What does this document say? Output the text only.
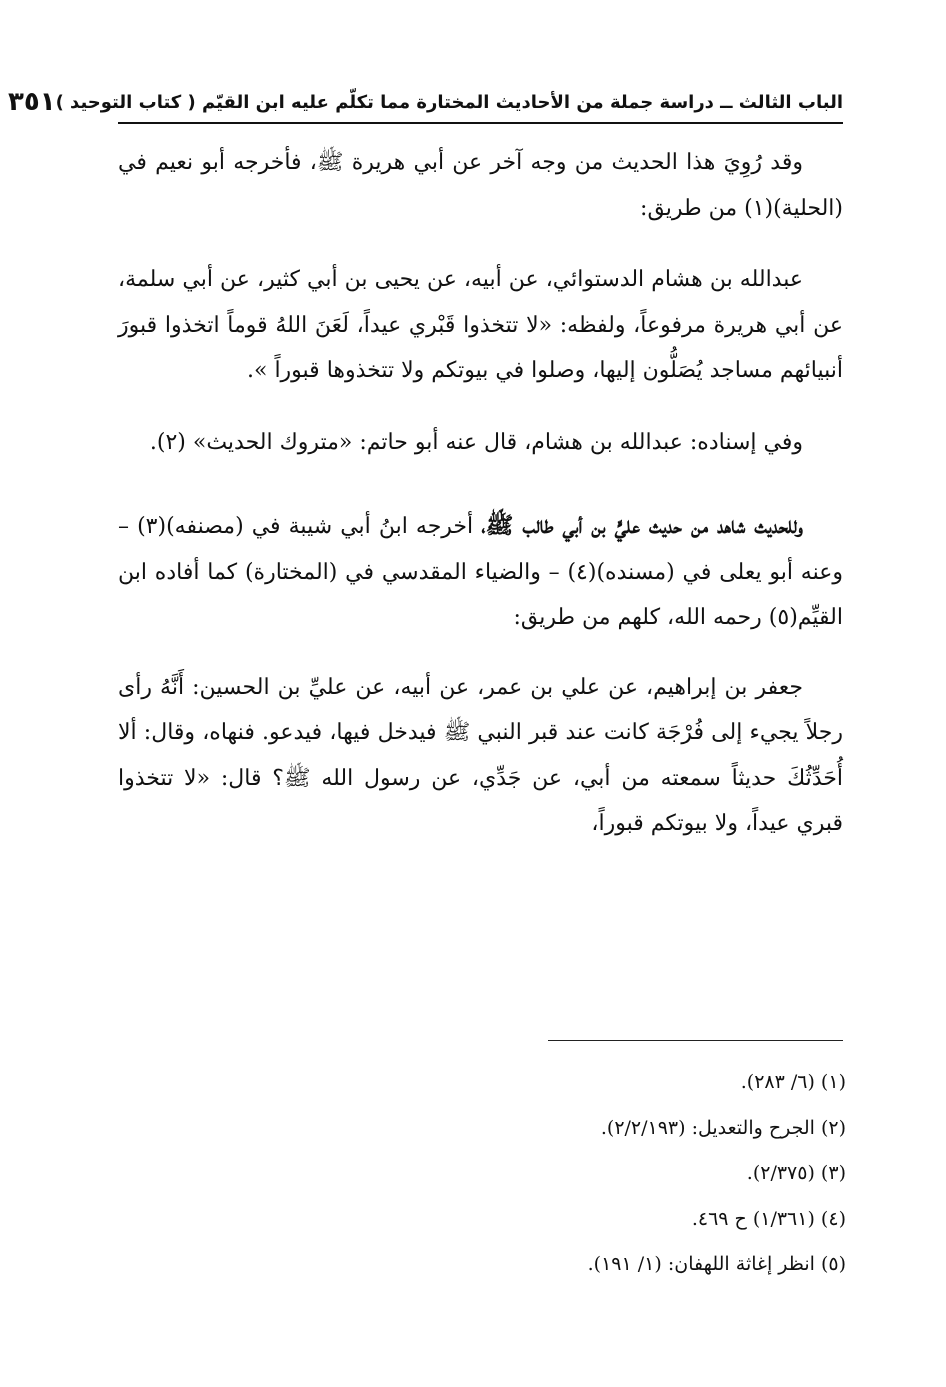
الباب الثالث ــ دراسة جملة من الأحاديث المختارة مما تكلّم عليه ابن القيّم ( كتاب التوحيد )
٣٥١

وقد رُوِيَ هذا الحديث من وجه آخر عن أبي هريرة ﷺ، فأخرجه أبو نعيم في (الحلية)(١) من طريق:

عبدالله بن هشام الدستوائي، عن أبيه، عن يحيى بن أبي كثير، عن أبي سلمة، عن أبي هريرة مرفوعاً، ولفظه: «لا تتخذوا قَبْري عيداً، لَعَنَ اللهُ قوماً اتخذوا قبورَ أنبيائهم مساجد يُصَلُّون إليها، وصلوا في بيوتكم ولا تتخذوها قبوراً ».

وفي إسناده: عبدالله بن هشام، قال عنه أبو حاتم: «متروك الحديث» (٢).

وللحديث شاهد من حديث عليٍّ بن أبي طالب ﷺ، أخرجه ابنُ أبي شيبة في (مصنفه)(٣) – وعنه أبو يعلى في (مسنده)(٤) – والضياء المقدسي في (المختارة) كما أفاده ابن القيِّم(٥) رحمه الله، كلهم من طريق:

جعفر بن إبراهيم، عن علي بن عمر، عن أبيه، عن عليِّ بن الحسين: أَنَّهُ رأى رجلاً يجيء إلى فُرْجَة كانت عند قبر النبي ﷺ فيدخل فيها، فيدعو. فنهاه، وقال: ألا أُحَدِّثُكَ حديثاً سمعته من أبي، عن جَدِّي، عن رسول الله ﷺ؟ قال: «لا تتخذوا قبري عيداً، ولا بيوتكم قبوراً،

(١) (٦/ ٢٨٣).

(٢) الجرح والتعديل: (٢/٢/١٩٣).

(٣) (٢/٣٧٥).

(٤) (١/٣٦١) ح ٤٦٩.

(٥) انظر إغاثة اللهفان: (١/ ١٩١).
